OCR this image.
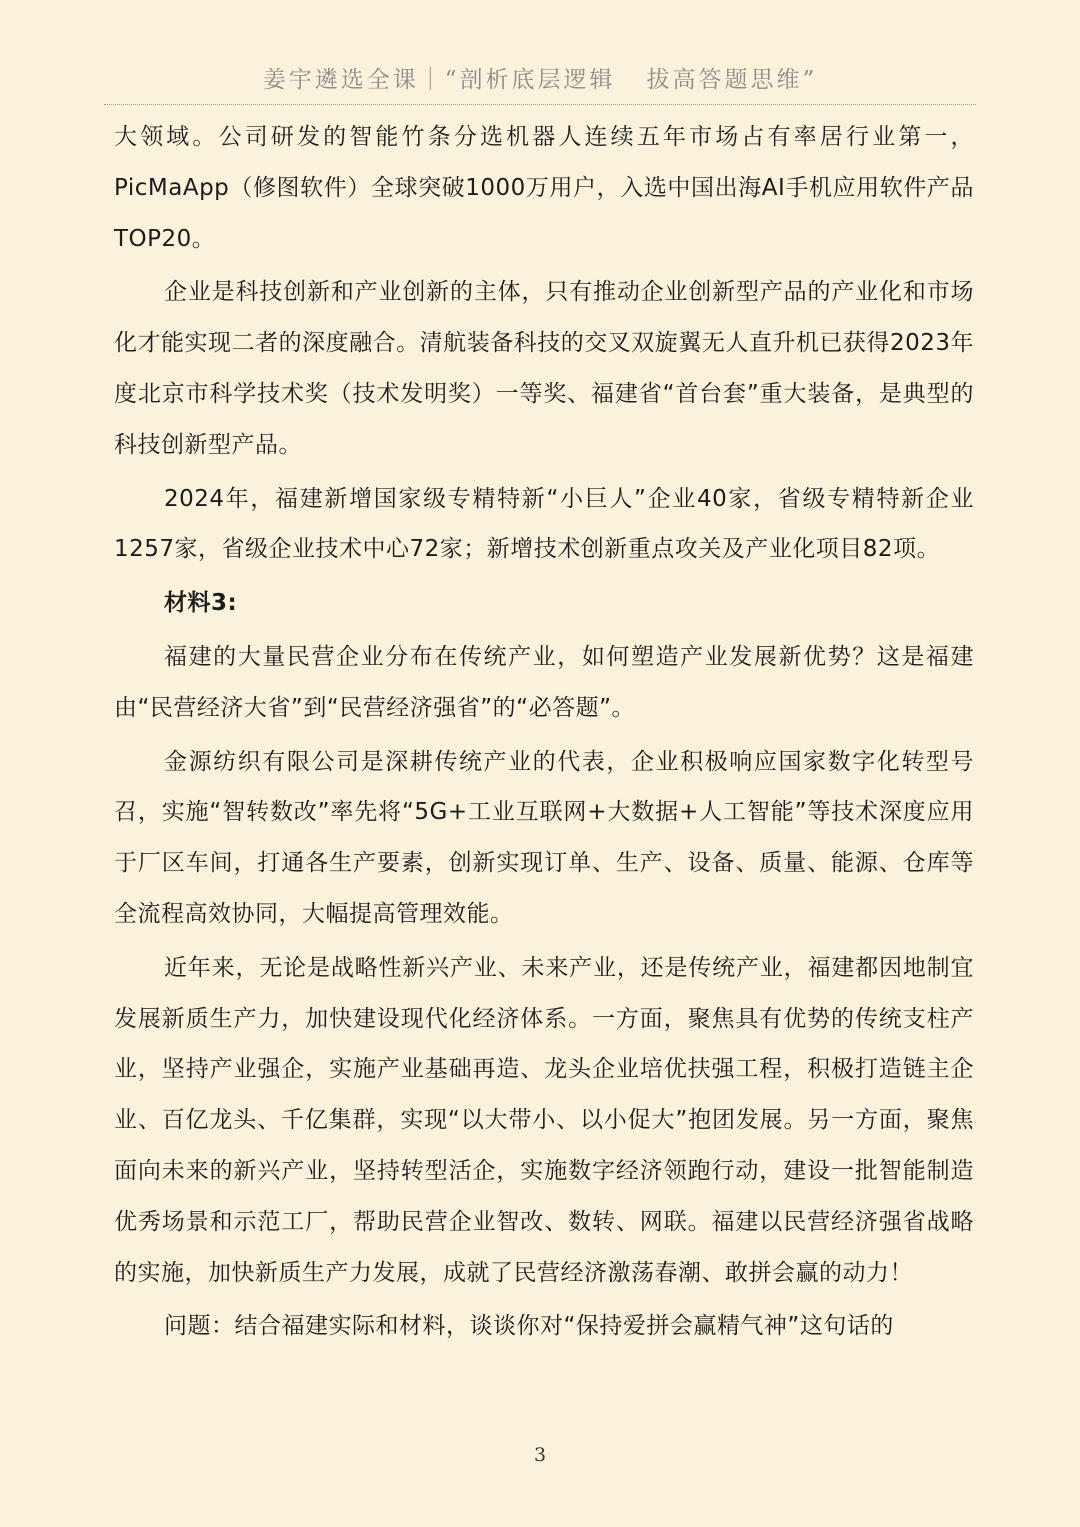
姜宇遴选全课｜“剖析底层逻辑   拔高答题思维”

大领域。公司研发的智能竹条分选机器人连续五年市场占有率居行业第一，PicMaApp（修图软件）全球突破1000万用户，入选中国出海AI手机应用软件产品TOP20。

企业是科技创新和产业创新的主体，只有推动企业创新型产品的产业化和市场化才能实现二者的深度融合。清航装备科技的交叉双旋翼无人直升机已获得2023年度北京市科学技术奖（技术发明奖）一等奖、福建省“首台套”重大装备，是典型的科技创新型产品。

2024年，福建新增国家级专精特新“小巨人”企业40家，省级专精特新企业1257家，省级企业技术中心72家；新增技术创新重点攻关及产业化项目82项。

材料3:

福建的大量民营企业分布在传统产业，如何塑造产业发展新优势？这是福建由“民营经济大省”到“民营经济强省”的“必答题”。

金源纺织有限公司是深耕传统产业的代表，企业积极响应国家数字化转型号召，实施“智转数改”率先将“5G+工业互联网+大数据+人工智能”等技术深度应用于厂区车间，打通各生产要素，创新实现订单、生产、设备、质量、能源、仓库等全流程高效协同，大幅提高管理效能。

近年来，无论是战略性新兴产业、未来产业，还是传统产业，福建都因地制宜发展新质生产力，加快建设现代化经济体系。一方面，聚焦具有优势的传统支柱产业，坚持产业强企，实施产业基础再造、龙头企业培优扶强工程，积极打造链主企业、百亿龙头、千亿集群，实现“以大带小、以小促大”抱团发展。另一方面，聚焦面向未来的新兴产业，坚持转型活企，实施数字经济领跑行动，建设一批智能制造优秀场景和示范工厂，帮助民营企业智改、数转、网联。福建以民营经济强省战略的实施，加快新质生产力发展，成就了民营经济激荡春潮、敢拼会赢的动力！

问题：结合福建实际和材料，谈谈你对“保持爱拼会赢精气神”这句话的

3
